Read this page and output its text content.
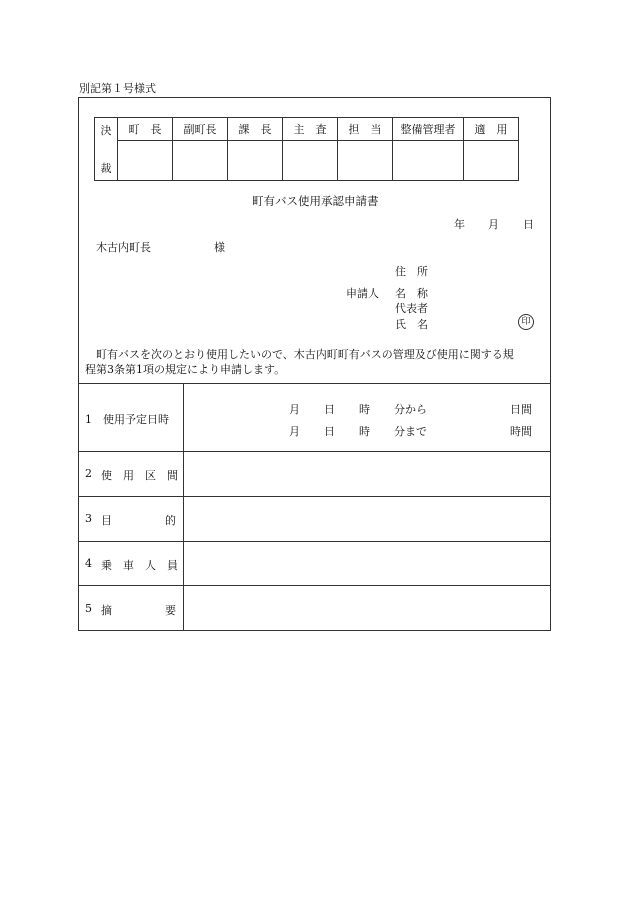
別記第１号様式
決
裁	町　長	副町長	課　長	主　査	担　当	整備管理者	適　用

町有バス使用承認申請書
年 月 日
木古内町長	様
住　所
申請人 名　称
代表者
氏　名	印
町有バスを次のとおり使用したいので、木古内町町有バスの管理及び使用に関する規
程第3条第1項の規定により申請します。
1　使用予定日時
月 日 時 分から	日間
月 日 時 分まで	時間
2 使　用　区　間
3 目	的
4 乗　車　人　員
5 摘	要
